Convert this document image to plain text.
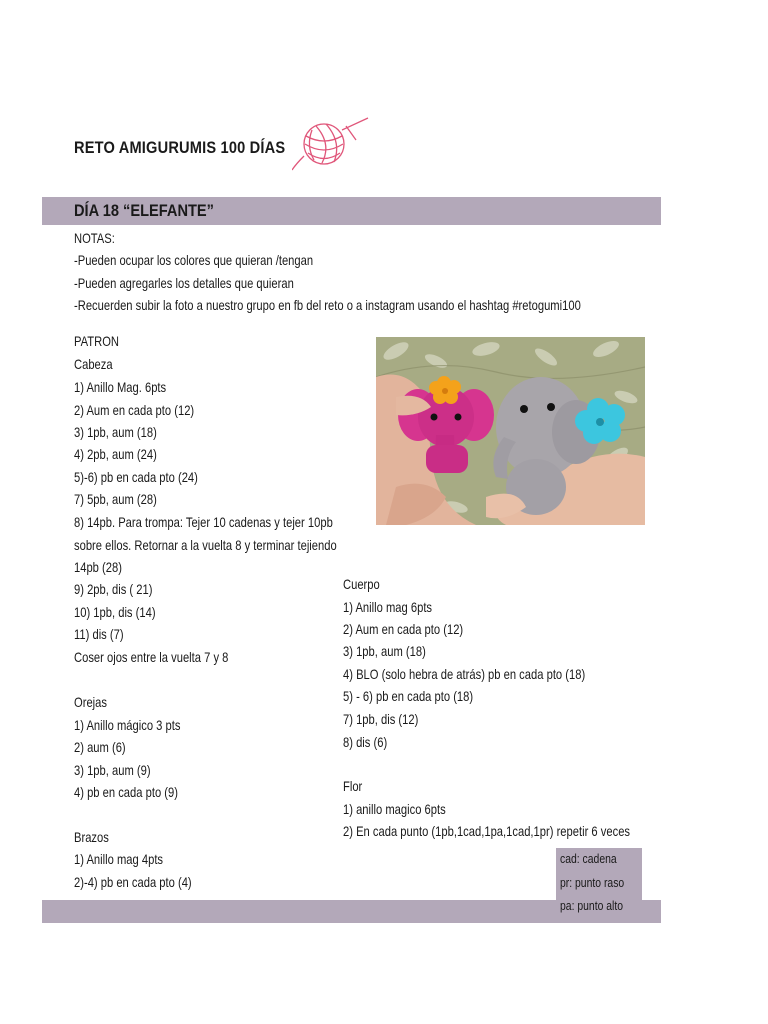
RETO AMIGURUMIS 100 DÍAS
DÍA 18 “ELEFANTE”
NOTAS:
-Pueden ocupar los colores que quieran /tengan
-Pueden agregarles los detalles que quieran
-Recuerden subir la foto a nuestro grupo en fb del reto o a instagram usando el hashtag #retogumi100
PATRON
Cabeza
1) Anillo Mag. 6pts
2) Aum en cada pto (12)
3) 1pb, aum (18)
4) 2pb, aum (24)
5)-6) pb en cada pto (24)
7) 5pb, aum (28)
8) 14pb. Para trompa: Tejer 10 cadenas y tejer 10pb
sobre ellos. Retornar a la vuelta 8 y terminar tejiendo
14pb (28)
9) 2pb, dis ( 21)
10) 1pb, dis (14)
11) dis (7)
Coser ojos entre la vuelta 7 y 8
Orejas
1) Anillo mágico 3 pts
2) aum (6)
3) 1pb, aum (9)
4) pb en cada pto (9)
Brazos
1) Anillo mag 4pts
2)-4) pb en cada pto (4)
Cuerpo
1) Anillo mag 6pts
2) Aum en cada pto (12)
3) 1pb, aum (18)
4) BLO (solo hebra de atrás) pb en cada pto (18)
5) - 6) pb en cada pto (18)
7) 1pb, dis (12)
8) dis (6)
Flor
1) anillo magico 6pts
2) En cada punto (1pb,1cad,1pa,1cad,1pr) repetir 6 veces
cad: cadena
pr: punto raso
pa: punto alto
